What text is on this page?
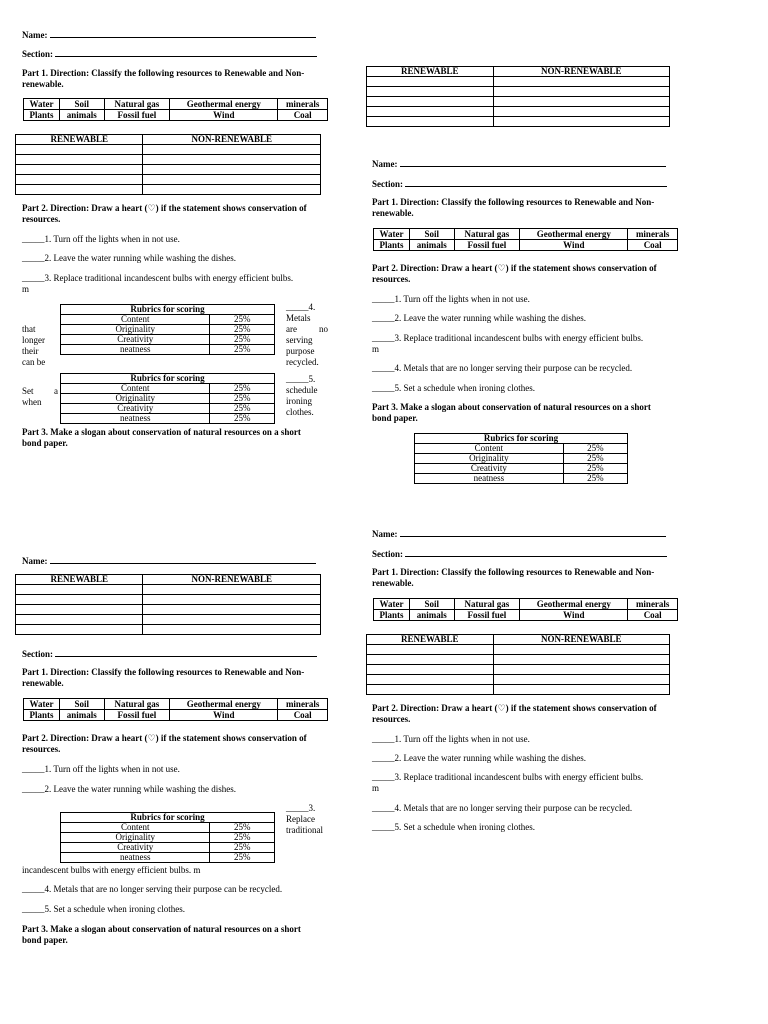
Name:
Section:
Part 1. Direction: Classify the following resources to Renewable and Non-renewable.
Water	Soil	Natural gas	Geothermal energy	minerals
Plants	animals	Fossil fuel	Wind	Coal
RENEWABLE	NON-RENEWABLE

Part 2. Direction: Draw a heart (♡) if the statement shows conservation of resources.
_____1. Turn off the lights when in not use.
_____2. Leave the water running while washing the dishes.
_____3. Replace traditional incandescent bulbs with energy efficient bulbs.
m
_____4.
Metals
are no
serving
purpose
recycled.
that
longer
their
can be
Rubrics for scoring	
Content	25%
Originality	25%
Creativity	25%
neatness	25%
_____5.
schedule
ironing
clothes.
Set a
when
Rubrics for scoring	
Content	25%
Originality	25%
Creativity	25%
neatness	25%
Part 3. Make a slogan about conservation of natural resources on a short bond paper.
RENEWABLE	NON-RENEWABLE

Name:
Section:
Part 1. Direction: Classify the following resources to Renewable and Non-renewable.
Water	Soil	Natural gas	Geothermal energy	minerals
Plants	animals	Fossil fuel	Wind	Coal
Part 2. Direction: Draw a heart (♡) if the statement shows conservation of resources.
_____1. Turn off the lights when in not use.
_____2. Leave the water running while washing the dishes.
_____3. Replace traditional incandescent bulbs with energy efficient bulbs.
m
_____4. Metals that are no longer serving their purpose can be recycled.
_____5. Set a schedule when ironing clothes.
Part 3. Make a slogan about conservation of natural resources on a short bond paper.
Rubrics for scoring	
Content	25%
Originality	25%
Creativity	25%
neatness	25%
Name:
RENEWABLE	NON-RENEWABLE

Section:
Part 1. Direction: Classify the following resources to Renewable and Non-renewable.
Water	Soil	Natural gas	Geothermal energy	minerals
Plants	animals	Fossil fuel	Wind	Coal
Part 2. Direction: Draw a heart (♡) if the statement shows conservation of resources.
_____1. Turn off the lights when in not use.
_____2. Leave the water running while washing the dishes.
_____3.
Replace
traditional
Rubrics for scoring	
Content	25%
Originality	25%
Creativity	25%
neatness	25%
incandescent bulbs with energy efficient bulbs. m
_____4. Metals that are no longer serving their purpose can be recycled.
_____5. Set a schedule when ironing clothes.
Part 3. Make a slogan about conservation of natural resources on a short bond paper.
Name:
Section:
Part 1. Direction: Classify the following resources to Renewable and Non-renewable.
Water	Soil	Natural gas	Geothermal energy	minerals
Plants	animals	Fossil fuel	Wind	Coal
RENEWABLE	NON-RENEWABLE

Part 2. Direction: Draw a heart (♡) if the statement shows conservation of resources.
_____1. Turn off the lights when in not use.
_____2. Leave the water running while washing the dishes.
_____3. Replace traditional incandescent bulbs with energy efficient bulbs.
m
_____4. Metals that are no longer serving their purpose can be recycled.
_____5. Set a schedule when ironing clothes.
